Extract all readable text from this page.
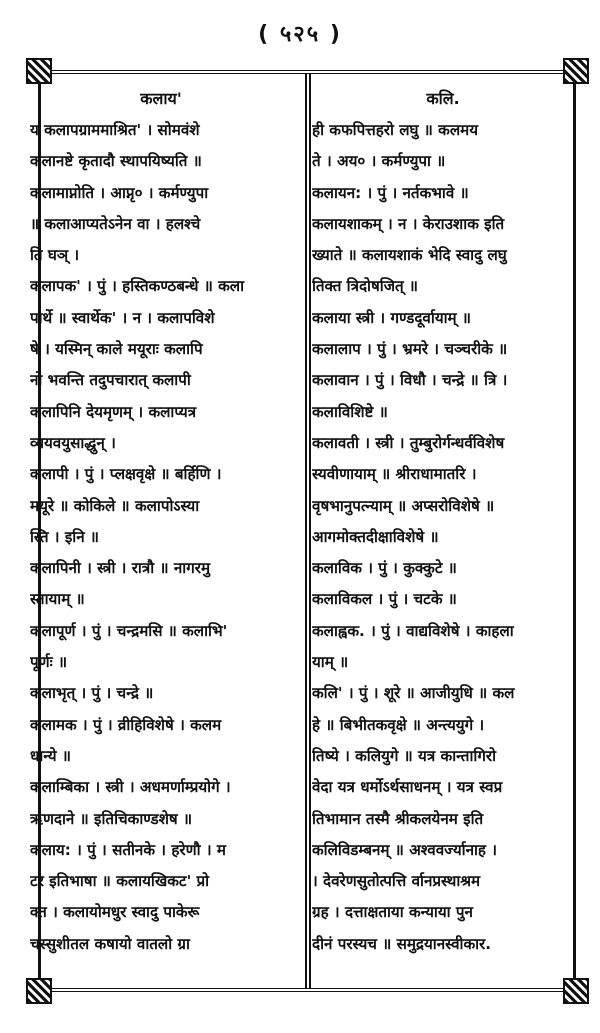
( ५२५ )
कलाय'
य कलापग्राममाश्रित' । सोमवंशे
कलानष्टे कृतादौ स्थापयिष्यति ॥
कलामाप्नोति । आप्नृ० । कर्मण्युपा
॥ कलाआप्यतेऽनेन वा । हलश्चे
ति घञ् ।
कलापक' । पुं । हस्तिकण्ठबन्धे ॥ कला
पार्थे ॥ स्वार्थेक' । न । कलापविशे
षे । यस्मिन् काले मयूराः कलापि
नो भवन्ति तदुपचारात् कलापी
कलापिनि देयमृणम् । कलाप्यत्र
व्ययवयुसाद्धुन् ।
कलापी । पुं । प्लक्षवृक्षे ॥ बर्हिणि ।
मयूरे ॥ कोकिले ॥ कलापोऽस्या
स्ति । इनि ॥
कलापिनी । स्त्री । रात्रौ ॥ नागरमु
स्तायाम् ॥
कलापूर्ण । पुं । चन्द्रमसि ॥ कलाभि'
पूर्णः ॥
कलाभृत् । पुं । चन्द्रे ॥
कलामक । पुं । व्रीहिविशेषे । कलम
धान्ये ॥
कलाम्बिका । स्त्री । अधमर्णाम्प्रयोगे ।
ऋणदाने ॥ इतिचिकाण्डशेष ॥
कलाय: । पुं । सतीनके । हरेणौ । म
टर इतिभाषा ॥ कलायखिकट' प्रो
क्त । कलायोमधुर स्वादु पाकेरू
चस्सुशीतल कषायो वातलो ग्रा
कलि.
ही कफपित्तहरो लघु ॥ कलमय
ते । अय० । कर्मण्युपा ॥
कलायन: । पुं । नर्तकभावे ॥
कलायशाकम् । न । केराउशाक इति
ख्याते ॥ कलायशाकं भेदि स्वादु लघु
तिक्त त्रिदोषजित् ॥
कलाया स्त्री । गण्डदूर्वायाम् ॥
कलालाप । पुं । भ्रमरे । चञ्चरीके ॥
कलावान । पुं । विधौ । चन्द्रे ॥ त्रि ।
कलाविशिष्टे ॥
कलावती । स्त्री । तुम्बुरोर्गन्धर्वविशेष
स्यवीणायाम् ॥ श्रीराधामातरि ।
वृषभानुपत्न्याम् ॥ अप्सरोविशेषे ॥
आगमोक्तदीक्षाविशेषे ॥
कलाविक । पुं । कुक्कुटे ॥
कलाविकल । पुं । चटके ॥
कलाह्वक. । पुं । वाद्यविशेषे । काहला
याम् ॥
कलि' । पुं । शूरे ॥ आजीयुधि ॥ कल
हे ॥ बिभीतकवृक्षे ॥ अन्त्ययुगे ।
तिष्ये । कलियुगे ॥ यत्र कान्तागिरो
वेदा यत्र धर्मोऽर्थसाधनम् । यत्र स्वप्र
तिभामान तस्मै श्रीकलयेनम इति
कलिविडम्बनम् ॥ अश्ववर्ज्यानाह ।
। देवरेणसुतोत्पत्ति र्वानप्रस्थाश्रम
ग्रह । दत्ताक्षताया कन्याया पुन
दीनं परस्यच ॥ समुद्रयानस्वीकार.
